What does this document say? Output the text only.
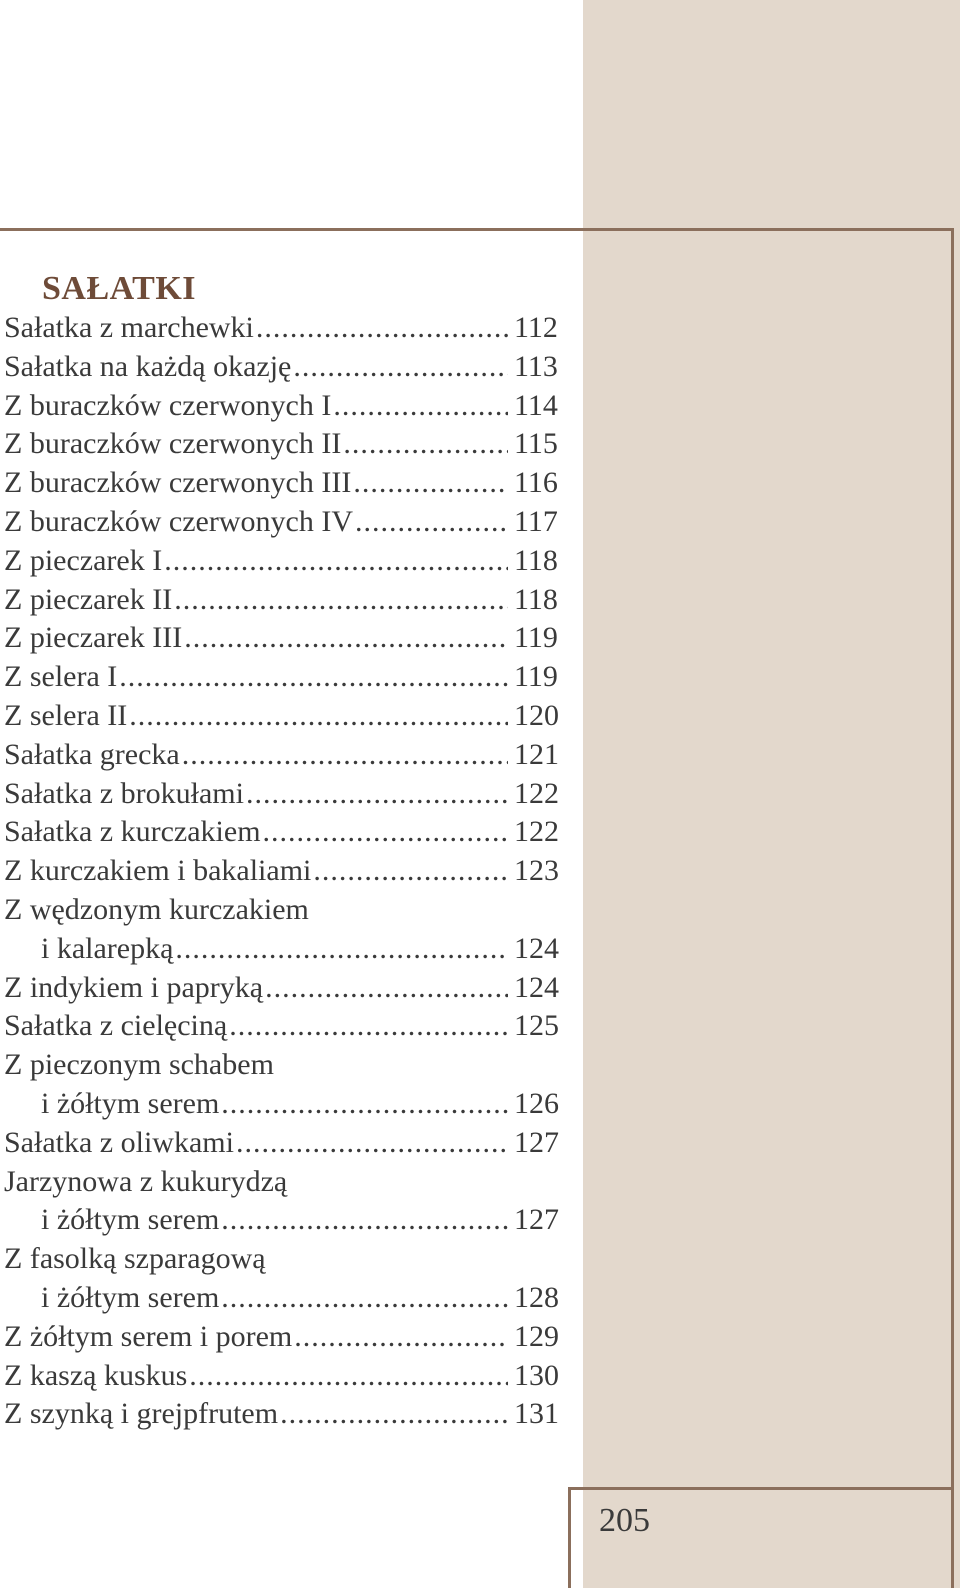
SAŁATKI
Sałatka z marchewki .....	112
Sałatka na każdą okazję .....	113
Z buraczków czerwonych I .....	114
Z buraczków czerwonych II .....	115
Z buraczków czerwonych III .....	116
Z buraczków czerwonych IV .....	117
Z pieczarek I .....	118
Z pieczarek II .....	118
Z pieczarek III .....	119
Z selera I .....	119
Z selera II .....	120
Sałatka grecka .....	121
Sałatka z brokułami .....	122
Sałatka z kurczakiem .....	122
Z kurczakiem i bakaliami .....	123
Z wędzonym kurczakiem
i kalarepką .....	124
Z indykiem i papryką .....	124
Sałatka z cielęciną .....	125
Z pieczonym schabem
i żółtym serem .....	126
Sałatka z oliwkami .....	127
Jarzynowa z kukurydzą
i żółtym serem .....	127
Z fasolką szparagową
i żółtym serem .....	128
Z żółtym serem i porem .....	129
Z kaszą kuskus .....	130
Z szynką i grejpfrutem .....	131
205
